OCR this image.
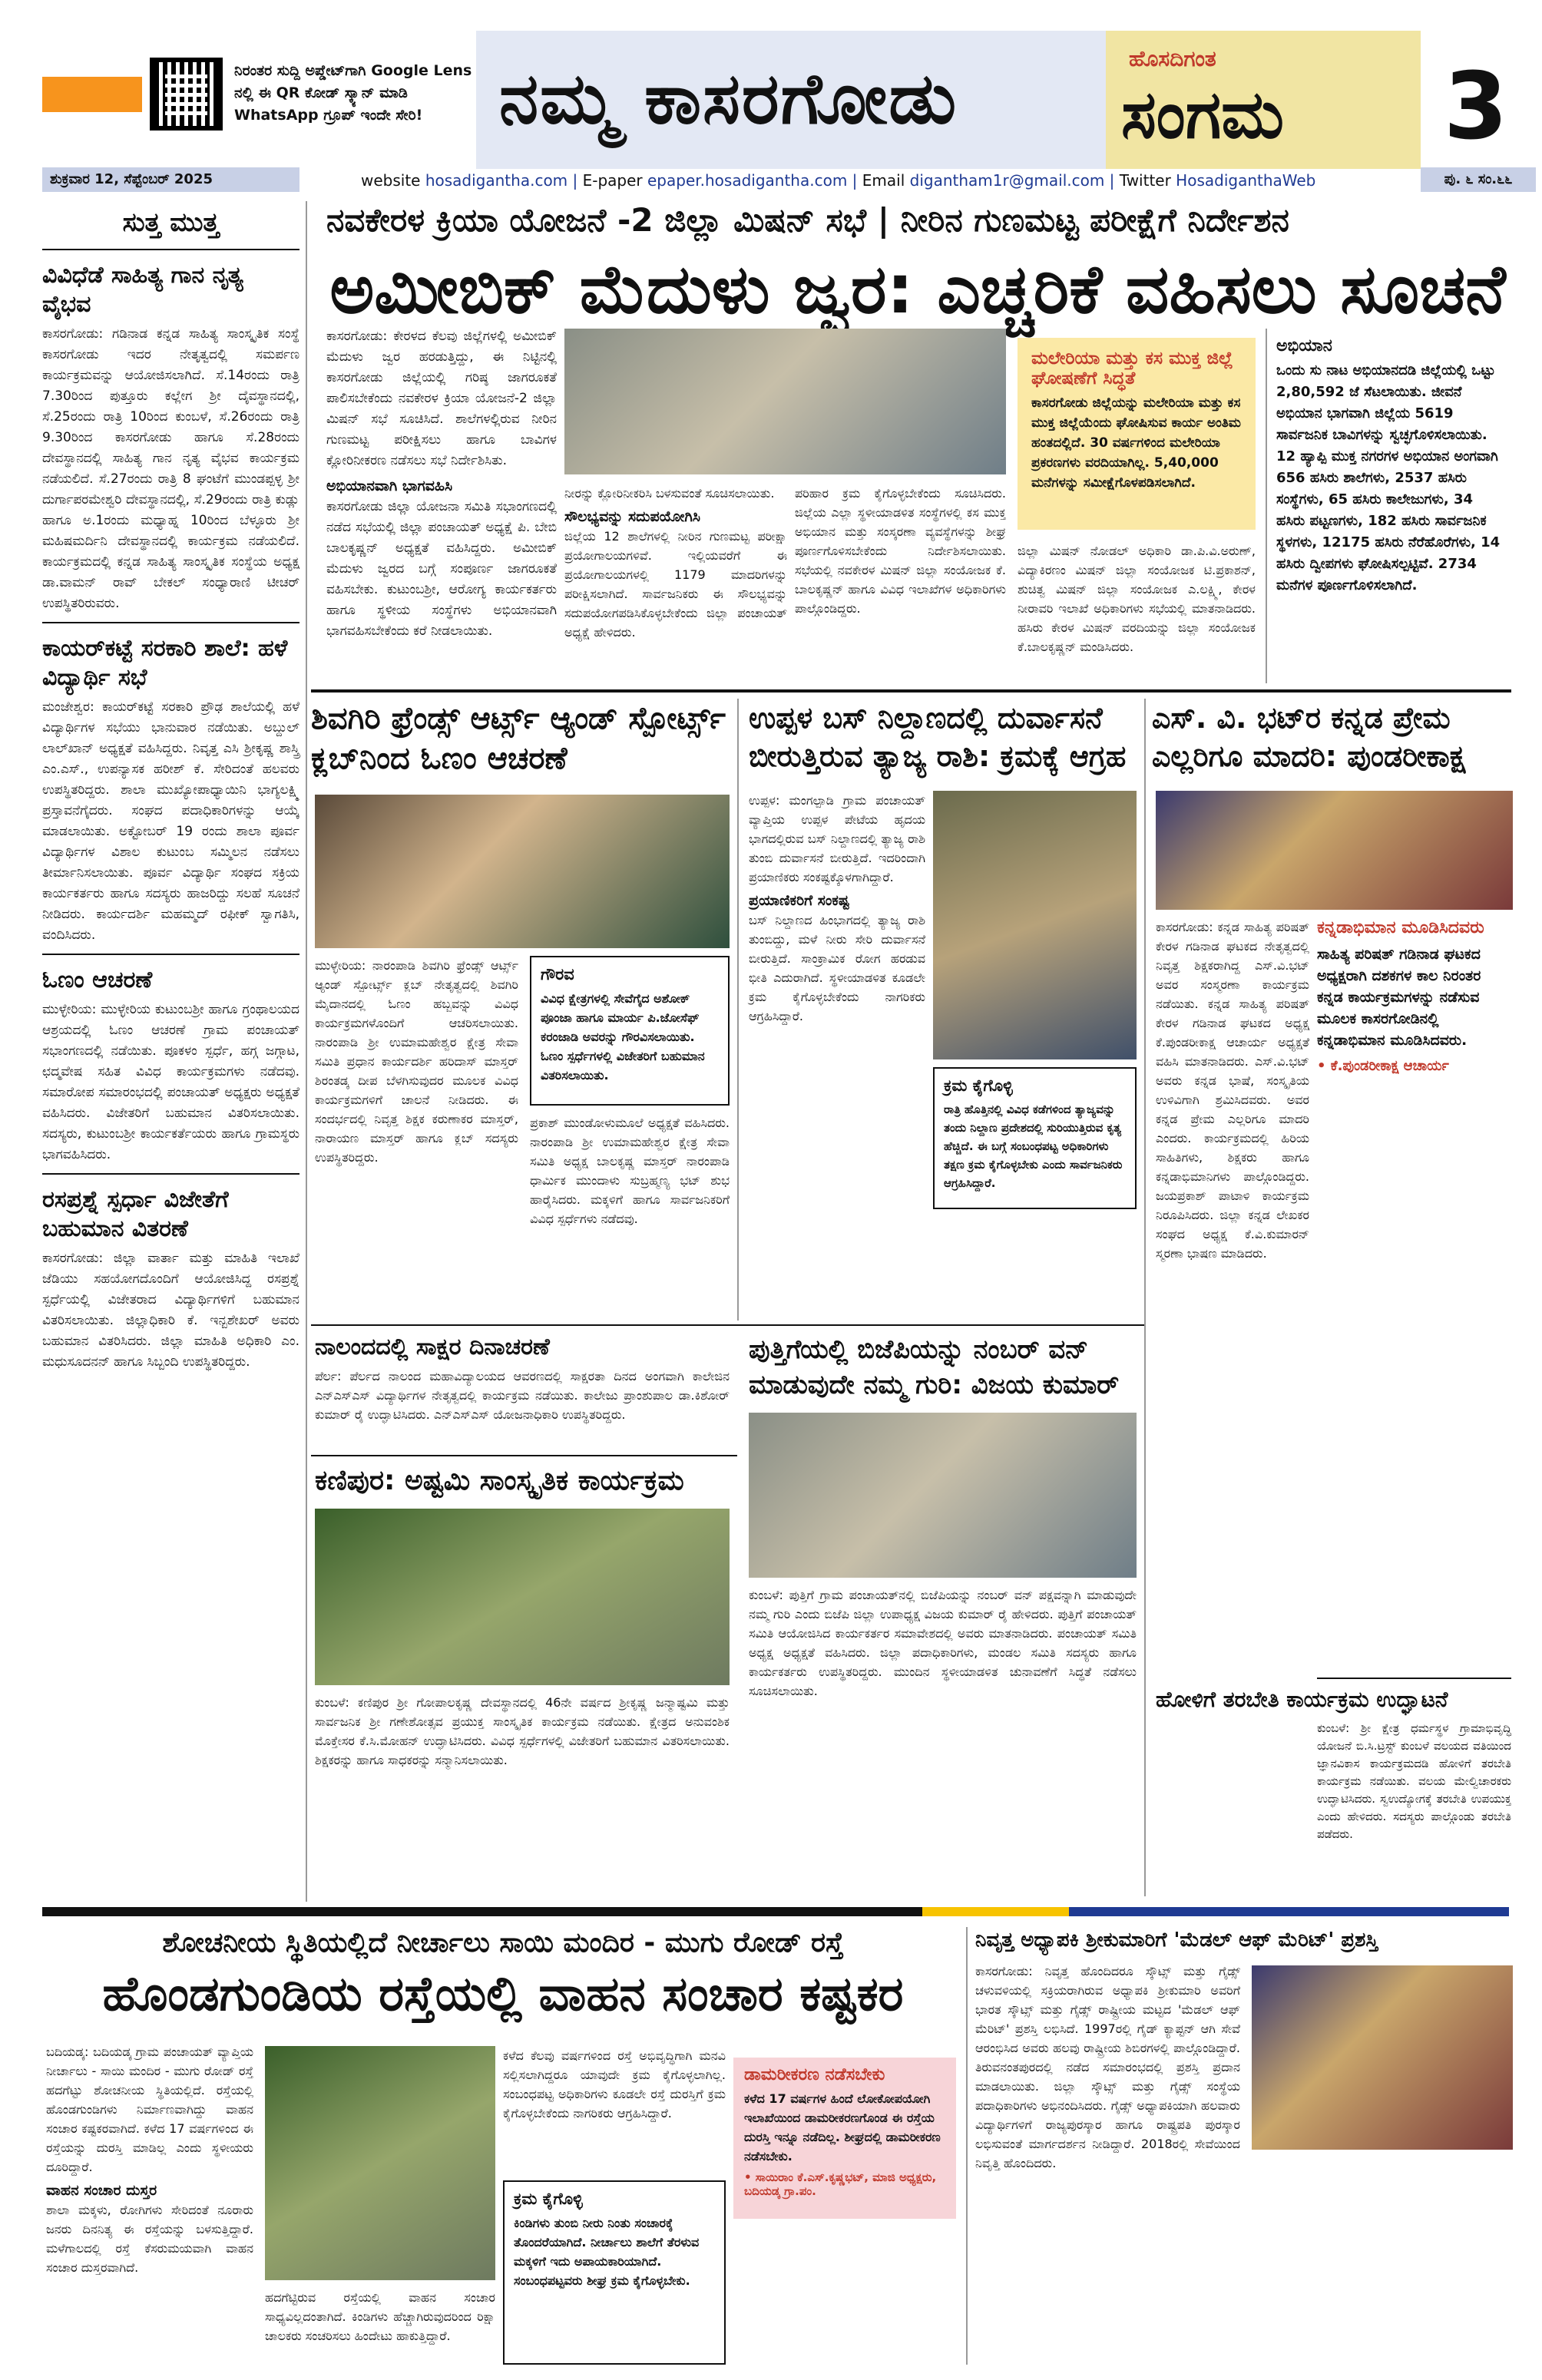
ನಿರಂತರ ಸುದ್ದಿ ಅಪ್ಡೇಟ್‌ಗಾಗಿ Google Lens ನಲ್ಲಿ ಈ QR ಕೋಡ್ ಸ್ಕ್ಯಾನ್ ಮಾಡಿ WhatsApp ಗ್ರೂಪ್ ಇಂದೇ ಸೇರಿ!	ನಮ್ಮ ಕಾಸರಗೋಡು	ಹೊಸದಿಗಂತ
ಸಂಗಮ 3
ಶುಕ್ರವಾರ 12, ಸೆಪ್ಟೆಂಬರ್ 2025	website hosadigantha.com | E-paper epaper.hosadigantha.com | Email digantham1r@gmail.com | Twitter HosadiganthaWeb	ಪು. ೬ ಸಂ.೬೬
ಸುತ್ತ ಮುತ್ತ
ವಿವಿಧೆಡೆ ಸಾಹಿತ್ಯ ಗಾನ ನೃತ್ಯ ವೈಭವ
ಕಾಸರಗೋಡು: ಗಡಿನಾಡ ಕನ್ನಡ ಸಾಹಿತ್ಯ ಸಾಂಸ್ಕೃತಿಕ ಸಂಸ್ಥೆ ಕಾಸರಗೋಡು ಇದರ ನೇತೃತ್ವದಲ್ಲಿ ಸಮರ್ಪಣ ಕಾರ್ಯಕ್ರಮವನ್ನು ಆಯೋಜಿಸಲಾಗಿದೆ. ಸೆ.14ರಂದು ರಾತ್ರಿ 7.30ರಿಂದ ಪುತ್ತೂರು ಕಲ್ಲೇಗ ಶ್ರೀ ದೈವಸ್ಥಾನದಲ್ಲಿ, ಸೆ.25ರಂದು ರಾತ್ರಿ 10ರಿಂದ ಕುಂಬಳೆ, ಸೆ.26ರಂದು ರಾತ್ರಿ 9.30ರಿಂದ ಕಾಸರಗೋಡು ಹಾಗೂ ಸೆ.28ರಂದು ದೇವಸ್ಥಾನದಲ್ಲಿ ಸಾಹಿತ್ಯ ಗಾನ ನೃತ್ಯ ವೈಭವ ಕಾರ್ಯಕ್ರಮ ನಡೆಯಲಿದೆ. ಸೆ.27ರಂದು ರಾತ್ರಿ 8 ಘಂಟೆಗೆ ಮುಂಡಪ್ಪಳ್ಳ ಶ್ರೀ ದುರ್ಗಾಪರಮೇಶ್ವರಿ ದೇವಸ್ಥಾನದಲ್ಲಿ, ಸೆ.29ರಂದು ರಾತ್ರಿ ಕುಡ್ಲು ಹಾಗೂ ಅ.1ರಂದು ಮಧ್ಯಾಹ್ನ 10ರಿಂದ ಬೆಳ್ಳೂರು ಶ್ರೀ ಮಹಿಷಮರ್ದಿನಿ ದೇವಸ್ಥಾನದಲ್ಲಿ ಕಾರ್ಯಕ್ರಮ ನಡೆಯಲಿದೆ. ಕಾರ್ಯಕ್ರಮದಲ್ಲಿ ಕನ್ನಡ ಸಾಹಿತ್ಯ ಸಾಂಸ್ಕೃತಿಕ ಸಂಸ್ಥೆಯ ಅಧ್ಯಕ್ಷ ಡಾ.ವಾಮನ್ ರಾವ್ ಬೇಕಲ್ ಸಂಧ್ಯಾರಾಣಿ ಟೀಚರ್ ಉಪಸ್ಥಿತರಿರುವರು.
ಕಾಯರ್‌ಕಟ್ಟೆ ಸರಕಾರಿ ಶಾಲೆ: ಹಳೆ ವಿದ್ಯಾರ್ಥಿ ಸಭೆ
ಮಂಜೇಶ್ವರ: ಕಾಯರ್‌ಕಟ್ಟೆ ಸರಕಾರಿ ಪ್ರೌಢ ಶಾಲೆಯಲ್ಲಿ ಹಳೆ ವಿದ್ಯಾರ್ಥಿಗಳ ಸಭೆಯು ಭಾನುವಾರ ನಡೆಯಿತು. ಅಬ್ದುಲ್ ಲಾಲ್‌ಖಾನ್ ಅಧ್ಯಕ್ಷತೆ ವಹಿಸಿದ್ದರು. ನಿವೃತ್ತ ಎಸಿ ಶ್ರೀಕೃಷ್ಣ ಶಾಸ್ತ್ರಿ ಎಂ.ಎಸ್., ಉಪನ್ಯಾಸಕ ಹರೀಶ್ ಕೆ. ಸೇರಿದಂತೆ ಹಲವರು ಉಪಸ್ಥಿತರಿದ್ದರು. ಶಾಲಾ ಮುಖ್ಯೋಪಾಧ್ಯಾಯಿನಿ ಭಾಗ್ಯಲಕ್ಷ್ಮಿ ಪ್ರಸ್ತಾವನೆಗೈದರು. ಸಂಘದ ಪದಾಧಿಕಾರಿಗಳನ್ನು ಆಯ್ಕೆ ಮಾಡಲಾಯಿತು. ಅಕ್ಟೋಬರ್ 19 ರಂದು ಶಾಲಾ ಪೂರ್ವ ವಿದ್ಯಾರ್ಥಿಗಳ ವಿಶಾಲ ಕುಟುಂಬ ಸಮ್ಮಿಲನ ನಡೆಸಲು ತೀರ್ಮಾನಿಸಲಾಯಿತು. ಪೂರ್ವ ವಿದ್ಯಾರ್ಥಿ ಸಂಘದ ಸಕ್ರಿಯ ಕಾರ್ಯಕರ್ತರು ಹಾಗೂ ಸದಸ್ಯರು ಹಾಜರಿದ್ದು ಸಲಹೆ ಸೂಚನೆ ನೀಡಿದರು. ಕಾರ್ಯದರ್ಶಿ ಮಹಮ್ಮದ್ ರಫೀಕ್ ಸ್ವಾಗತಿಸಿ, ವಂದಿಸಿದರು.
ಓಣಂ ಆಚರಣೆ
ಮುಳ್ಳೇರಿಯ: ಮುಳ್ಳೇರಿಯ ಕುಟುಂಬಶ್ರೀ ಹಾಗೂ ಗ್ರಂಥಾಲಯದ ಆಶ್ರಯದಲ್ಲಿ ಓಣಂ ಆಚರಣೆ ಗ್ರಾಮ ಪಂಚಾಯತ್ ಸಭಾಂಗಣದಲ್ಲಿ ನಡೆಯಿತು. ಪೂಕಳಂ ಸ್ಪರ್ಧೆ, ಹಗ್ಗ ಜಗ್ಗಾಟ, ಛದ್ಮವೇಷ ಸಹಿತ ವಿವಿಧ ಕಾರ್ಯಕ್ರಮಗಳು ನಡೆದವು. ಸಮಾರೋಪ ಸಮಾರಂಭದಲ್ಲಿ ಪಂಚಾಯತ್ ಅಧ್ಯಕ್ಷರು ಅಧ್ಯಕ್ಷತೆ ವಹಿಸಿದರು. ವಿಜೇತರಿಗೆ ಬಹುಮಾನ ವಿತರಿಸಲಾಯಿತು. ಸದಸ್ಯರು, ಕುಟುಂಬಶ್ರೀ ಕಾರ್ಯಕರ್ತೆಯರು ಹಾಗೂ ಗ್ರಾಮಸ್ಥರು ಭಾಗವಹಿಸಿದರು.
ರಸಪ್ರಶ್ನೆ ಸ್ಪರ್ಧಾ ವಿಜೇತೆಗೆ ಬಹುಮಾನ ವಿತರಣೆ
ಕಾಸರಗೋಡು: ಜಿಲ್ಲಾ ವಾರ್ತಾ ಮತ್ತು ಮಾಹಿತಿ ಇಲಾಖೆ ಜೆಡಿಯು ಸಹಯೋಗದೊಂದಿಗೆ ಆಯೋಜಿಸಿದ್ದ ರಸಪ್ರಶ್ನೆ ಸ್ಪರ್ಧೆಯಲ್ಲಿ ವಿಜೇತರಾದ ವಿದ್ಯಾರ್ಥಿಗಳಿಗೆ ಬಹುಮಾನ ವಿತರಿಸಲಾಯಿತು. ಜಿಲ್ಲಾಧಿಕಾರಿ ಕೆ. ಇನ್ಬಶೇಖರ್ ಅವರು ಬಹುಮಾನ ವಿತರಿಸಿದರು. ಜಿಲ್ಲಾ ಮಾಹಿತಿ ಅಧಿಕಾರಿ ಎಂ. ಮಧುಸೂದನನ್ ಹಾಗೂ ಸಿಬ್ಬಂದಿ ಉಪಸ್ಥಿತರಿದ್ದರು.
ನವಕೇರಳ ಕ್ರಿಯಾ ಯೋಜನೆ -2 ಜಿಲ್ಲಾ ಮಿಷನ್ ಸಭೆ | ನೀರಿನ ಗುಣಮಟ್ಟ ಪರೀಕ್ಷೆಗೆ ನಿರ್ದೇಶನ
ಅಮೀಬಿಕ್ ಮೆದುಳು ಜ್ವರ: ಎಚ್ಚರಿಕೆ ವಹಿಸಲು ಸೂಚನೆ
ಕಾಸರಗೋಡು: ಕೇರಳದ ಕೆಲವು ಜಿಲ್ಲೆಗಳಲ್ಲಿ ಅಮೀಬಿಕ್ ಮೆದುಳು ಜ್ವರ ಹರಡುತ್ತಿದ್ದು, ಈ ನಿಟ್ಟಿನಲ್ಲಿ ಕಾಸರಗೋಡು ಜಿಲ್ಲೆಯಲ್ಲಿ ಗರಿಷ್ಠ ಜಾಗರೂಕತೆ ಪಾಲಿಸಬೇಕೆಂದು ನವಕೇರಳ ಕ್ರಿಯಾ ಯೋಜನೆ-2 ಜಿಲ್ಲಾ ಮಿಷನ್ ಸಭೆ ಸೂಚಿಸಿದೆ. ಶಾಲೆಗಳಲ್ಲಿರುವ ನೀರಿನ ಗುಣಮಟ್ಟ ಪರೀಕ್ಷಿಸಲು ಹಾಗೂ ಬಾವಿಗಳ ಕ್ಲೋರಿನೀಕರಣ ನಡೆಸಲು ಸಭೆ ನಿರ್ದೇಶಿಸಿತು.
ಅಭಿಯಾನವಾಗಿ ಭಾಗವಹಿಸಿ
ಕಾಸರಗೋಡು ಜಿಲ್ಲಾ ಯೋಜನಾ ಸಮಿತಿ ಸಭಾಂಗಣದಲ್ಲಿ ನಡೆದ ಸಭೆಯಲ್ಲಿ ಜಿಲ್ಲಾ ಪಂಚಾಯತ್ ಅಧ್ಯಕ್ಷೆ ಪಿ. ಬೇಬಿ ಬಾಲಕೃಷ್ಣನ್ ಅಧ್ಯಕ್ಷತೆ ವಹಿಸಿದ್ದರು. ಅಮೀಬಿಕ್ ಮೆದುಳು ಜ್ವರದ ಬಗ್ಗೆ ಸಂಪೂರ್ಣ ಜಾಗರೂಕತೆ ವಹಿಸಬೇಕು. ಕುಟುಂಬಶ್ರೀ, ಆರೋಗ್ಯ ಕಾರ್ಯಕರ್ತರು ಹಾಗೂ ಸ್ಥಳೀಯ ಸಂಸ್ಥೆಗಳು ಅಭಿಯಾನವಾಗಿ ಭಾಗವಹಿಸಬೇಕೆಂದು ಕರೆ ನೀಡಲಾಯಿತು.
ನೀರನ್ನು ಕ್ಲೋರಿನೀಕರಿಸಿ ಬಳಸುವಂತೆ ಸೂಚಿಸಲಾಯಿತು.
ಸೌಲಭ್ಯವನ್ನು ಸದುಪಯೋಗಿಸಿ
ಜಿಲ್ಲೆಯ 12 ಶಾಲೆಗಳಲ್ಲಿ ನೀರಿನ ಗುಣಮಟ್ಟ ಪರೀಕ್ಷಾ ಪ್ರಯೋಗಾಲಯಗಳಿವೆ. ಇಲ್ಲಿಯವರೆಗೆ ಈ ಪ್ರಯೋಗಾಲಯಗಳಲ್ಲಿ 1179 ಮಾದರಿಗಳನ್ನು ಪರೀಕ್ಷಿಸಲಾಗಿದೆ. ಸಾರ್ವಜನಿಕರು ಈ ಸೌಲಭ್ಯವನ್ನು ಸದುಪಯೋಗಪಡಿಸಿಕೊಳ್ಳಬೇಕೆಂದು ಜಿಲ್ಲಾ ಪಂಚಾಯತ್ ಅಧ್ಯಕ್ಷೆ ಹೇಳಿದರು.
ಪರಿಹಾರ ಕ್ರಮ ಕೈಗೊಳ್ಳಬೇಕೆಂದು ಸೂಚಿಸಿದರು. ಜಿಲ್ಲೆಯ ಎಲ್ಲಾ ಸ್ಥಳೀಯಾಡಳಿತ ಸಂಸ್ಥೆಗಳಲ್ಲಿ ಕಸ ಮುಕ್ತ ಅಭಿಯಾನ ಮತ್ತು ಸಂಸ್ಕರಣಾ ವ್ಯವಸ್ಥೆಗಳನ್ನು ಶೀಘ್ರ ಪೂರ್ಣಗೊಳಿಸಬೇಕೆಂದು ನಿರ್ದೇಶಿಸಲಾಯಿತು. ಸಭೆಯಲ್ಲಿ ನವಕೇರಳ ಮಿಷನ್ ಜಿಲ್ಲಾ ಸಂಯೋಜಕ ಕೆ. ಬಾಲಕೃಷ್ಣನ್ ಹಾಗೂ ವಿವಿಧ ಇಲಾಖೆಗಳ ಅಧಿಕಾರಿಗಳು ಪಾಲ್ಗೊಂಡಿದ್ದರು.
ಮಲೇರಿಯಾ ಮತ್ತು ಕಸ ಮುಕ್ತ ಜಿಲ್ಲೆ ಘೋಷಣೆಗೆ ಸಿದ್ಧತೆ
ಕಾಸರಗೋಡು ಜಿಲ್ಲೆಯನ್ನು ಮಲೇರಿಯಾ ಮತ್ತು ಕಸ ಮುಕ್ತ ಜಿಲ್ಲೆಯೆಂದು ಘೋಷಿಸುವ ಕಾರ್ಯ ಅಂತಿಮ ಹಂತದಲ್ಲಿದೆ. 30 ವರ್ಷಗಳಿಂದ ಮಲೇರಿಯಾ ಪ್ರಕರಣಗಳು ವರದಿಯಾಗಿಲ್ಲ. 5,40,000 ಮನೆಗಳನ್ನು ಸಮೀಕ್ಷೆಗೊಳಪಡಿಸಲಾಗಿದೆ.
ಜಿಲ್ಲಾ ಮಿಷನ್ ನೋಡಲ್ ಅಧಿಕಾರಿ ಡಾ.ಪಿ.ವಿ.ಅರುಣ್, ವಿದ್ಯಾಕಿರಣಂ ಮಿಷನ್ ಜಿಲ್ಲಾ ಸಂಯೋಜಕ ಟಿ.ಪ್ರಕಾಶನ್, ಶುಚಿತ್ವ ಮಿಷನ್ ಜಿಲ್ಲಾ ಸಂಯೋಜಕ ಎ.ಲಕ್ಷ್ಮಿ, ಕೇರಳ ನೀರಾವರಿ ಇಲಾಖೆ ಅಧಿಕಾರಿಗಳು ಸಭೆಯಲ್ಲಿ ಮಾತನಾಡಿದರು. ಹಸಿರು ಕೇರಳ ಮಿಷನ್ ವರದಿಯನ್ನು ಜಿಲ್ಲಾ ಸಂಯೋಜಕ ಕೆ.ಬಾಲಕೃಷ್ಣನ್ ಮಂಡಿಸಿದರು.
ಅಭಿಯಾನ
ಒಂದು ಸು ನಾಟ ಅಭಿಯಾನದಡಿ ಜಿಲ್ಲೆಯಲ್ಲಿ ಒಟ್ಟು 2,80,592 ಜೆ ಸೆಟಲಾಯಿತು. ಜೀವನೆ ಅಭಿಯಾನ ಭಾಗವಾಗಿ ಜಿಲ್ಲೆಯ 5619 ಸಾರ್ವಜನಿಕ ಬಾವಿಗಳನ್ನು ಸ್ವಚ್ಛಗೊಳಿಸಲಾಯಿತು. 12 ಹ್ಯಾಪ್ಪಿ ಮುಕ್ತ ನಗರಗಳ ಅಭಿಯಾನ ಅಂಗವಾಗಿ 656 ಹಸಿರು ಶಾಲೆಗಳು, 2537 ಹಸಿರು ಸಂಸ್ಥೆಗಳು, 65 ಹಸಿರು ಕಾಲೇಜುಗಳು, 34 ಹಸಿರು ಪಟ್ಟಣಗಳು, 182 ಹಸಿರು ಸಾರ್ವಜನಿಕ ಸ್ಥಳಗಳು, 12175 ಹಸಿರು ನೆರೆಹೊರೆಗಳು, 14 ಹಸಿರು ದ್ವೀಪಗಳು ಘೋಷಿಸಲ್ಪಟ್ಟಿವೆ. 2734 ಮನೆಗಳ ಪೂರ್ಣಗೊಳಿಸಲಾಗಿದೆ.
ಶಿವಗಿರಿ ಫ್ರೆಂಡ್ಸ್ ಆರ್ಟ್ಸ್ ಆ್ಯಂಡ್ ಸ್ಪೋರ್ಟ್ಸ್ ಕ್ಲಬ್‌ನಿಂದ ಓಣಂ ಆಚರಣೆ
ಮುಳ್ಳೇರಿಯ: ನಾರಂಪಾಡಿ ಶಿವಗಿರಿ ಫ್ರೆಂಡ್ಸ್ ಆರ್ಟ್ಸ್ ಆ್ಯಂಡ್ ಸ್ಪೋರ್ಟ್ಸ್ ಕ್ಲಬ್ ನೇತೃತ್ವದಲ್ಲಿ ಶಿವಗಿರಿ ಮೈದಾನದಲ್ಲಿ ಓಣಂ ಹಬ್ಬವನ್ನು ವಿವಿಧ ಕಾರ್ಯಕ್ರಮಗಳೊಂದಿಗೆ ಆಚರಿಸಲಾಯಿತು. ನಾರಂಪಾಡಿ ಶ್ರೀ ಉಮಾಮಹೇಶ್ವರ ಕ್ಷೇತ್ರ ಸೇವಾ ಸಮಿತಿ ಪ್ರಧಾನ ಕಾರ್ಯದರ್ಶಿ ಹರಿದಾಸ್ ಮಾಸ್ತರ್ ಶಿರಂತಡ್ಕ ದೀಪ ಬೆಳಗಿಸುವುದರ ಮೂಲಕ ವಿವಿಧ ಕಾರ್ಯಕ್ರಮಗಳಿಗೆ ಚಾಲನೆ ನೀಡಿದರು. ಈ ಸಂದರ್ಭದಲ್ಲಿ ನಿವೃತ್ತ ಶಿಕ್ಷಕ ಕರುಣಾಕರ ಮಾಸ್ತರ್, ನಾರಾಯಣ ಮಾಸ್ತರ್ ಹಾಗೂ ಕ್ಲಬ್ ಸದಸ್ಯರು ಉಪಸ್ಥಿತರಿದ್ದರು.
ಗೌರವ
ವಿವಿಧ ಕ್ಷೇತ್ರಗಳಲ್ಲಿ ಸೇವೆಗೈದ ಅಶೋಕ್ ಪೂಂಜಾ ಹಾಗೂ ಮಾರ್ಯ ಪಿ.ಜೋಸೆಫ್ ಕರಂಜಾಡಿ ಅವರನ್ನು ಗೌರವಿಸಲಾಯಿತು. ಓಣಂ ಸ್ಪರ್ಧೆಗಳಲ್ಲಿ ವಿಜೇತರಿಗೆ ಬಹುಮಾನ ವಿತರಿಸಲಾಯಿತು.
ಪ್ರಕಾಶ್ ಮುಂಡೋಳುಮೂಲೆ ಅಧ್ಯಕ್ಷತೆ ವಹಿಸಿದರು. ನಾರಂಪಾಡಿ ಶ್ರೀ ಉಮಾಮಹೇಶ್ವರ ಕ್ಷೇತ್ರ ಸೇವಾ ಸಮಿತಿ ಅಧ್ಯಕ್ಷ ಬಾಲಕೃಷ್ಣ ಮಾಸ್ತರ್ ನಾರಂಪಾಡಿ ಧಾರ್ಮಿಕ ಮುಂದಾಳು ಸುಬ್ರಹ್ಮಣ್ಯ ಭಟ್ ಶುಭ ಹಾರೈಸಿದರು. ಮಕ್ಕಳಿಗೆ ಹಾಗೂ ಸಾರ್ವಜನಿಕರಿಗೆ ವಿವಿಧ ಸ್ಪರ್ಧೆಗಳು ನಡೆದವು.
ಉಪ್ಪಳ ಬಸ್ ನಿಲ್ದಾಣದಲ್ಲಿ ದುರ್ವಾಸನೆ ಬೀರುತ್ತಿರುವ ತ್ಯಾಜ್ಯ ರಾಶಿ: ಕ್ರಮಕ್ಕೆ ಆಗ್ರಹ
ಉಪ್ಪಳ: ಮಂಗಲ್ಪಾಡಿ ಗ್ರಾಮ ಪಂಚಾಯತ್ ವ್ಯಾಪ್ತಿಯ ಉಪ್ಪಳ ಪೇಟೆಯ ಹೃದಯ ಭಾಗದಲ್ಲಿರುವ ಬಸ್ ನಿಲ್ದಾಣದಲ್ಲಿ ತ್ಯಾಜ್ಯ ರಾಶಿ ತುಂಬಿ ದುರ್ವಾಸನೆ ಬೀರುತ್ತಿದೆ. ಇದರಿಂದಾಗಿ ಪ್ರಯಾಣಿಕರು ಸಂಕಷ್ಟಕ್ಕೊಳಗಾಗಿದ್ದಾರೆ.
ಪ್ರಯಾಣಿಕರಿಗೆ ಸಂಕಷ್ಟ
ಬಸ್ ನಿಲ್ದಾಣದ ಹಿಂಭಾಗದಲ್ಲಿ ತ್ಯಾಜ್ಯ ರಾಶಿ ತುಂಬಿದ್ದು, ಮಳೆ ನೀರು ಸೇರಿ ದುರ್ವಾಸನೆ ಬೀರುತ್ತಿದೆ. ಸಾಂಕ್ರಾಮಿಕ ರೋಗ ಹರಡುವ ಭೀತಿ ಎದುರಾಗಿದೆ. ಸ್ಥಳೀಯಾಡಳಿತ ಕೂಡಲೇ ಕ್ರಮ ಕೈಗೊಳ್ಳಬೇಕೆಂದು ನಾಗರಿಕರು ಆಗ್ರಹಿಸಿದ್ದಾರೆ.
ಕ್ರಮ ಕೈಗೊಳ್ಳಿ
ರಾತ್ರಿ ಹೊತ್ತಿನಲ್ಲಿ ವಿವಿಧ ಕಡೆಗಳಿಂದ ತ್ಯಾಜ್ಯವನ್ನು ತಂದು ನಿಲ್ದಾಣ ಪ್ರದೇಶದಲ್ಲಿ ಸುರಿಯುತ್ತಿರುವ ಕೃತ್ಯ ಹೆಚ್ಚಿದೆ. ಈ ಬಗ್ಗೆ ಸಂಬಂಧಪಟ್ಟ ಅಧಿಕಾರಿಗಳು ತಕ್ಷಣ ಕ್ರಮ ಕೈಗೊಳ್ಳಬೇಕು ಎಂದು ಸಾರ್ವಜನಿಕರು ಆಗ್ರಹಿಸಿದ್ದಾರೆ.
ಎಸ್. ವಿ. ಭಟ್‌ರ ಕನ್ನಡ ಪ್ರೇಮ ಎಲ್ಲರಿಗೂ ಮಾದರಿ: ಪುಂಡರೀಕಾಕ್ಷ
ಕಾಸರಗೋಡು: ಕನ್ನಡ ಸಾಹಿತ್ಯ ಪರಿಷತ್ ಕೇರಳ ಗಡಿನಾಡ ಘಟಕದ ನೇತೃತ್ವದಲ್ಲಿ ನಿವೃತ್ತ ಶಿಕ್ಷಕರಾಗಿದ್ದ ಎಸ್.ವಿ.ಭಟ್ ಅವರ ಸಂಸ್ಮರಣಾ ಕಾರ್ಯಕ್ರಮ ನಡೆಯಿತು. ಕನ್ನಡ ಸಾಹಿತ್ಯ ಪರಿಷತ್ ಕೇರಳ ಗಡಿನಾಡ ಘಟಕದ ಅಧ್ಯಕ್ಷ ಕೆ.ಪುಂಡರೀಕಾಕ್ಷ ಆಚಾರ್ಯ ಅಧ್ಯಕ್ಷತೆ ವಹಿಸಿ ಮಾತನಾಡಿದರು. ಎಸ್.ವಿ.ಭಟ್ ಅವರು ಕನ್ನಡ ಭಾಷೆ, ಸಂಸ್ಕೃತಿಯ ಉಳಿವಿಗಾಗಿ ಶ್ರಮಿಸಿದವರು. ಅವರ ಕನ್ನಡ ಪ್ರೇಮ ಎಲ್ಲರಿಗೂ ಮಾದರಿ ಎಂದರು. ಕಾರ್ಯಕ್ರಮದಲ್ಲಿ ಹಿರಿಯ ಸಾಹಿತಿಗಳು, ಶಿಕ್ಷಕರು ಹಾಗೂ ಕನ್ನಡಾಭಿಮಾನಿಗಳು ಪಾಲ್ಗೊಂಡಿದ್ದರು. ಜಯಪ್ರಕಾಶ್ ಪಾಟಾಳಿ ಕಾರ್ಯಕ್ರಮ ನಿರೂಪಿಸಿದರು. ಜಿಲ್ಲಾ ಕನ್ನಡ ಲೇಖಕರ ಸಂಘದ ಅಧ್ಯಕ್ಷ ಕೆ.ವಿ.ಕುಮಾರನ್ ಸ್ಮರಣಾ ಭಾಷಣ ಮಾಡಿದರು.
ಕನ್ನಡಾಭಿಮಾನ ಮೂಡಿಸಿದವರು
ಸಾಹಿತ್ಯ ಪರಿಷತ್ ಗಡಿನಾಡ ಘಟಕದ ಅಧ್ಯಕ್ಷರಾಗಿ ದಶಕಗಳ ಕಾಲ ನಿರಂತರ ಕನ್ನಡ ಕಾರ್ಯಕ್ರಮಗಳನ್ನು ನಡೆಸುವ ಮೂಲಕ ಕಾಸರಗೋಡಿನಲ್ಲಿ ಕನ್ನಡಾಭಿಮಾನ ಮೂಡಿಸಿದವರು.
• ಕೆ.ಪುಂಡರೀಕಾಕ್ಷ ಆಚಾರ್ಯ
ನಾಲಂದದಲ್ಲಿ ಸಾಕ್ಷರ ದಿನಾಚರಣೆ
ಪೆರ್ಲ: ಪೆರ್ಲದ ನಾಲಂದ ಮಹಾವಿದ್ಯಾಲಯದ ಆವರಣದಲ್ಲಿ ಸಾಕ್ಷರತಾ ದಿನದ ಅಂಗವಾಗಿ ಕಾಲೇಜಿನ ಎನ್‌ಎಸ್‌ಎಸ್ ವಿದ್ಯಾರ್ಥಿಗಳ ನೇತೃತ್ವದಲ್ಲಿ ಕಾರ್ಯಕ್ರಮ ನಡೆಯಿತು. ಕಾಲೇಜು ಪ್ರಾಂಶುಪಾಲ ಡಾ.ಕಿಶೋರ್ ಕುಮಾರ್ ರೈ ಉದ್ಘಾಟಿಸಿದರು. ಎನ್‌ಎಸ್‌ಎಸ್ ಯೋಜನಾಧಿಕಾರಿ ಉಪಸ್ಥಿತರಿದ್ದರು.
ಕಣಿಪುರ: ಅಷ್ಟಮಿ ಸಾಂಸ್ಕೃತಿಕ ಕಾರ್ಯಕ್ರಮ
ಕುಂಬಳೆ: ಕಣಿಪುರ ಶ್ರೀ ಗೋಪಾಲಕೃಷ್ಣ ದೇವಸ್ಥಾನದಲ್ಲಿ 46ನೇ ವರ್ಷದ ಶ್ರೀಕೃಷ್ಣ ಜನ್ಮಾಷ್ಟಮಿ ಮತ್ತು ಸಾರ್ವಜನಿಕ ಶ್ರೀ ಗಣೇಶೋತ್ಸವ ಪ್ರಯುಕ್ತ ಸಾಂಸ್ಕೃತಿಕ ಕಾರ್ಯಕ್ರಮ ನಡೆಯಿತು. ಕ್ಷೇತ್ರದ ಅನುವಂಶಿಕ ಮೊಕ್ತೇಸರ ಕೆ.ಸಿ.ಮೋಹನ್ ಉದ್ಘಾಟಿಸಿದರು. ವಿವಿಧ ಸ್ಪರ್ಧೆಗಳಲ್ಲಿ ವಿಜೇತರಿಗೆ ಬಹುಮಾನ ವಿತರಿಸಲಾಯಿತು. ಶಿಕ್ಷಕರನ್ನು ಹಾಗೂ ಸಾಧಕರನ್ನು ಸನ್ಮಾನಿಸಲಾಯಿತು.
ಪುತ್ತಿಗೆಯಲ್ಲಿ ಬಿಜೆಪಿಯನ್ನು ನಂಬರ್ ವನ್ ಮಾಡುವುದೇ ನಮ್ಮ ಗುರಿ: ವಿಜಯ ಕುಮಾರ್
ಕುಂಬಳೆ: ಪುತ್ತಿಗೆ ಗ್ರಾಮ ಪಂಚಾಯತ್‌ನಲ್ಲಿ ಬಿಜೆಪಿಯನ್ನು ನಂಬರ್ ವನ್ ಪಕ್ಷವನ್ನಾಗಿ ಮಾಡುವುದೇ ನಮ್ಮ ಗುರಿ ಎಂದು ಬಿಜೆಪಿ ಜಿಲ್ಲಾ ಉಪಾಧ್ಯಕ್ಷ ವಿಜಯ ಕುಮಾರ್ ರೈ ಹೇಳಿದರು. ಪುತ್ತಿಗೆ ಪಂಚಾಯತ್ ಸಮಿತಿ ಆಯೋಜಿಸಿದ ಕಾರ್ಯಕರ್ತರ ಸಮಾವೇಶದಲ್ಲಿ ಅವರು ಮಾತನಾಡಿದರು. ಪಂಚಾಯತ್ ಸಮಿತಿ ಅಧ್ಯಕ್ಷ ಅಧ್ಯಕ್ಷತೆ ವಹಿಸಿದರು. ಜಿಲ್ಲಾ ಪದಾಧಿಕಾರಿಗಳು, ಮಂಡಲ ಸಮಿತಿ ಸದಸ್ಯರು ಹಾಗೂ ಕಾರ್ಯಕರ್ತರು ಉಪಸ್ಥಿತರಿದ್ದರು. ಮುಂದಿನ ಸ್ಥಳೀಯಾಡಳಿತ ಚುನಾವಣೆಗೆ ಸಿದ್ಧತೆ ನಡೆಸಲು ಸೂಚಿಸಲಾಯಿತು.	ಹೋಳಿಗೆ ತರಬೇತಿ ಕಾರ್ಯಕ್ರಮ ಉದ್ಘಾಟನೆ
ಕುಂಬಳೆ: ಶ್ರೀ ಕ್ಷೇತ್ರ ಧರ್ಮಸ್ಥಳ ಗ್ರಾಮಾಭಿವೃದ್ಧಿ ಯೋಜನೆ ಬಿ.ಸಿ.ಟ್ರಸ್ಟ್ ಕುಂಬಳೆ ವಲಯದ ವತಿಯಿಂದ ಜ್ಞಾನವಿಕಾಸ ಕಾರ್ಯಕ್ರಮದಡಿ ಹೋಳಿಗೆ ತರಬೇತಿ ಕಾರ್ಯಕ್ರಮ ನಡೆಯಿತು. ವಲಯ ಮೇಲ್ವಿಚಾರಕರು ಉದ್ಘಾಟಿಸಿದರು. ಸ್ವಉದ್ಯೋಗಕ್ಕೆ ತರಬೇತಿ ಉಪಯುಕ್ತ ಎಂದು ಹೇಳಿದರು. ಸದಸ್ಯರು ಪಾಲ್ಗೊಂಡು ತರಬೇತಿ ಪಡೆದರು.
ಶೋಚನೀಯ ಸ್ಥಿತಿಯಲ್ಲಿದೆ ನೀರ್ಚಾಲು ಸಾಯಿ ಮಂದಿರ - ಮುಗು ರೋಡ್ ರಸ್ತೆ
ಹೊಂಡಗುಂಡಿಯ ರಸ್ತೆಯಲ್ಲಿ ವಾಹನ ಸಂಚಾರ ಕಷ್ಟಕರ
ಬದಿಯಡ್ಕ: ಬದಿಯಡ್ಕ ಗ್ರಾಮ ಪಂಚಾಯತ್ ವ್ಯಾಪ್ತಿಯ ನೀರ್ಚಾಲು - ಸಾಯಿ ಮಂದಿರ - ಮುಗು ರೋಡ್ ರಸ್ತೆ ಹದಗೆಟ್ಟು ಶೋಚನೀಯ ಸ್ಥಿತಿಯಲ್ಲಿದೆ. ರಸ್ತೆಯಲ್ಲಿ ಹೊಂಡಗುಂಡಿಗಳು ನಿರ್ಮಾಣವಾಗಿದ್ದು ವಾಹನ ಸಂಚಾರ ಕಷ್ಟಕರವಾಗಿದೆ. ಕಳೆದ 17 ವರ್ಷಗಳಿಂದ ಈ ರಸ್ತೆಯನ್ನು ದುರಸ್ತಿ ಮಾಡಿಲ್ಲ ಎಂದು ಸ್ಥಳೀಯರು ದೂರಿದ್ದಾರೆ.
ವಾಹನ ಸಂಚಾರ ದುಸ್ತರ
ಶಾಲಾ ಮಕ್ಕಳು, ರೋಗಿಗಳು ಸೇರಿದಂತೆ ನೂರಾರು ಜನರು ದಿನನಿತ್ಯ ಈ ರಸ್ತೆಯನ್ನು ಬಳಸುತ್ತಿದ್ದಾರೆ. ಮಳೆಗಾಲದಲ್ಲಿ ರಸ್ತೆ ಕೆಸರುಮಯವಾಗಿ ವಾಹನ ಸಂಚಾರ ದುಸ್ತರವಾಗಿದೆ.
ಹದಗೆಟ್ಟಿರುವ ರಸ್ತೆಯಲ್ಲಿ ವಾಹನ ಸಂಚಾರ ಸಾಧ್ಯವಿಲ್ಲದಂತಾಗಿದೆ. ಕಿಂಡಿಗಳು ಹೆಚ್ಚಾಗಿರುವುದರಿಂದ ರಿಕ್ಷಾ ಚಾಲಕರು ಸಂಚರಿಸಲು ಹಿಂದೇಟು ಹಾಕುತ್ತಿದ್ದಾರೆ.
ಕಳೆದ ಕೆಲವು ವರ್ಷಗಳಿಂದ ರಸ್ತೆ ಅಭಿವೃದ್ಧಿಗಾಗಿ ಮನವಿ ಸಲ್ಲಿಸಲಾಗಿದ್ದರೂ ಯಾವುದೇ ಕ್ರಮ ಕೈಗೊಳ್ಳಲಾಗಿಲ್ಲ. ಸಂಬಂಧಪಟ್ಟ ಅಧಿಕಾರಿಗಳು ಕೂಡಲೇ ರಸ್ತೆ ದುರಸ್ತಿಗೆ ಕ್ರಮ ಕೈಗೊಳ್ಳಬೇಕೆಂದು ನಾಗರಿಕರು ಆಗ್ರಹಿಸಿದ್ದಾರೆ.
ಕ್ರಮ ಕೈಗೊಳ್ಳಿ
ಕಿಂಡಿಗಳು ತುಂಬಿ ನೀರು ನಿಂತು ಸಂಚಾರಕ್ಕೆ ತೊಂದರೆಯಾಗಿದೆ. ನೀರ್ಚಾಲು ಶಾಲೆಗೆ ತೆರಳುವ ಮಕ್ಕಳಿಗೆ ಇದು ಅಪಾಯಕಾರಿಯಾಗಿದೆ. ಸಂಬಂಧಪಟ್ಟವರು ಶೀಘ್ರ ಕ್ರಮ ಕೈಗೊಳ್ಳಬೇಕು.
ಡಾಮರೀಕರಣ ನಡೆಸಬೇಕು
ಕಳೆದ 17 ವರ್ಷಗಳ ಹಿಂದೆ ಲೋಕೋಪಯೋಗಿ ಇಲಾಖೆಯಿಂದ ಡಾಮರೀಕರಣಗೊಂಡ ಈ ರಸ್ತೆಯ ದುರಸ್ತಿ ಇನ್ನೂ ನಡೆದಿಲ್ಲ. ಶೀಘ್ರದಲ್ಲಿ ಡಾಮರೀಕರಣ ನಡೆಸಬೇಕು.
• ಸಾಯಿರಾಂ ಕೆ.ಎಸ್.ಕೃಷ್ಣಭಟ್, ಮಾಜಿ ಅಧ್ಯಕ್ಷರು, ಬದಿಯಡ್ಕ ಗ್ರಾ.ಪಂ.
ನಿವೃತ್ತ ಅಧ್ಯಾಪಕಿ ಶ್ರೀಕುಮಾರಿಗೆ 'ಮೆಡಲ್ ಆಫ್ ಮೆರಿಟ್' ಪ್ರಶಸ್ತಿ
ಕಾಸರಗೋಡು: ನಿವೃತ್ತ ಹೊಂದಿದರೂ ಸ್ಕೌಟ್ಸ್ ಮತ್ತು ಗೈಡ್ಸ್ ಚಳುವಳಿಯಲ್ಲಿ ಸಕ್ರಿಯರಾಗಿರುವ ಅಧ್ಯಾಪಕಿ ಶ್ರೀಕುಮಾರಿ ಅವರಿಗೆ ಭಾರತ ಸ್ಕೌಟ್ಸ್ ಮತ್ತು ಗೈಡ್ಸ್ ರಾಷ್ಟ್ರೀಯ ಮಟ್ಟದ 'ಮೆಡಲ್ ಆಫ್ ಮೆರಿಟ್' ಪ್ರಶಸ್ತಿ ಲಭಿಸಿದೆ. 1997ರಲ್ಲಿ ಗೈಡ್ ಕ್ಯಾಪ್ಟನ್ ಆಗಿ ಸೇವೆ ಆರಂಭಿಸಿದ ಅವರು ಹಲವು ರಾಷ್ಟ್ರೀಯ ಶಿಬಿರಗಳಲ್ಲಿ ಪಾಲ್ಗೊಂಡಿದ್ದಾರೆ. ತಿರುವನಂತಪುರದಲ್ಲಿ ನಡೆದ ಸಮಾರಂಭದಲ್ಲಿ ಪ್ರಶಸ್ತಿ ಪ್ರದಾನ ಮಾಡಲಾಯಿತು. ಜಿಲ್ಲಾ ಸ್ಕೌಟ್ಸ್ ಮತ್ತು ಗೈಡ್ಸ್ ಸಂಸ್ಥೆಯ ಪದಾಧಿಕಾರಿಗಳು ಅಭಿನಂದಿಸಿದರು. ಗೈಡ್ಸ್ ಅಧ್ಯಾಪಕಿಯಾಗಿ ಹಲವಾರು ವಿದ್ಯಾರ್ಥಿಗಳಿಗೆ ರಾಜ್ಯಪುರಸ್ಕಾರ ಹಾಗೂ ರಾಷ್ಟ್ರಪತಿ ಪುರಸ್ಕಾರ ಲಭಿಸುವಂತೆ ಮಾರ್ಗದರ್ಶನ ನೀಡಿದ್ದಾರೆ. 2018ರಲ್ಲಿ ಸೇವೆಯಿಂದ ನಿವೃತ್ತಿ ಹೊಂದಿದರು.
